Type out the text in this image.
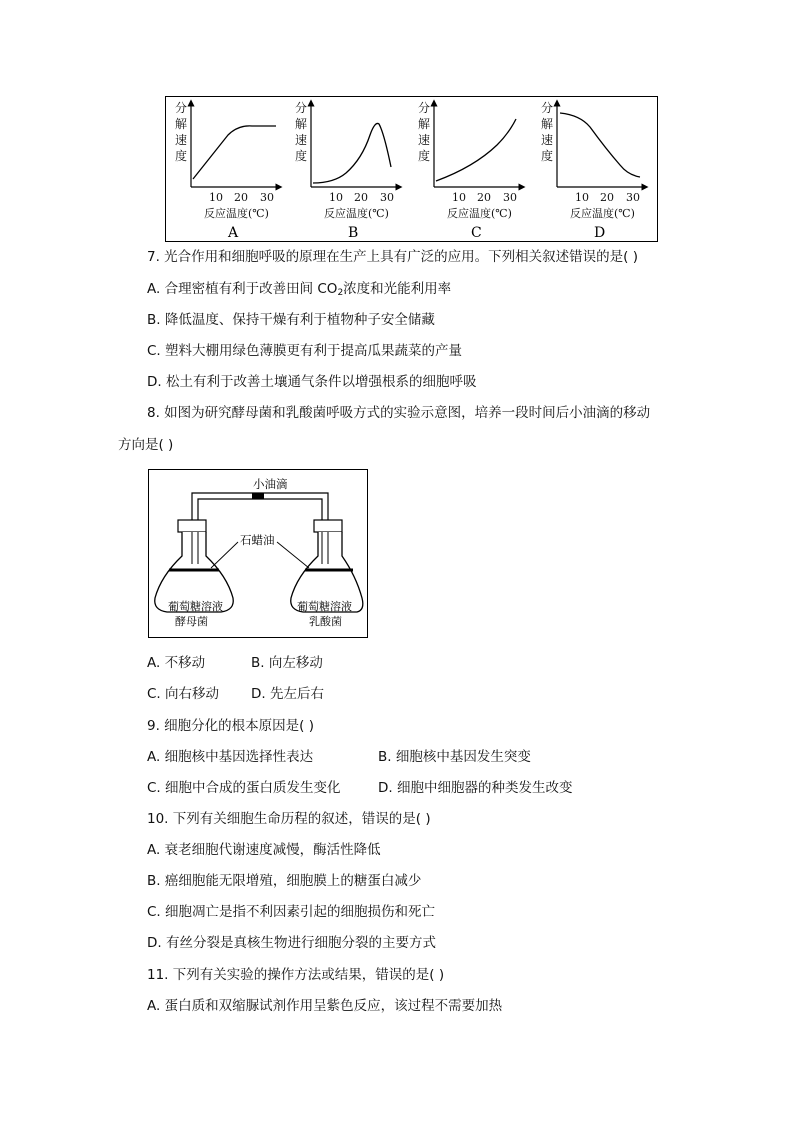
分
解
速
度
10 20 30
反应温度(℃)
A
分
解
速
度
10 20 30
反应温度(℃)
B
分
解
速
度
10 20 30
反应温度(℃)
C
分
解
速
度
10 20 30
反应温度(℃)
D
7. 光合作用和细胞呼吸的原理在生产上具有广泛的应用。下列相关叙述错误的是( )
A. 合理密植有利于改善田间 $CO_2$浓度和光能利用率
B. 降低温度、保持干燥有利于植物种子安全储藏
C. 塑料大棚用绿色薄膜更有利于提高瓜果蔬菜的产量
D. 松土有利于改善土壤通气条件以增强根系的细胞呼吸
8. 如图为研究酵母菌和乳酸菌呼吸方式的实验示意图，培养一段时间后小油滴的移动
方向是( )
小油滴
葡萄糖溶液
酵母菌
葡萄糖溶液
乳酸菌
石蜡油
A. 不移动	B. 向左移动
C. 向右移动 D. 先左后右
9. 细胞分化的根本原因是( )
A. 细胞核中基因选择性表达	B. 细胞核中基因发生突变
C. 细胞中合成的蛋白质发生变化	D. 细胞中细胞器的种类发生改变
10. 下列有关细胞生命历程的叙述，错误的是( )
A. 衰老细胞代谢速度减慢，酶活性降低
B. 癌细胞能无限增殖，细胞膜上的糖蛋白减少
C. 细胞凋亡是指不利因素引起的细胞损伤和死亡
D. 有丝分裂是真核生物进行细胞分裂的主要方式
11. 下列有关实验的操作方法或结果，错误的是( )
A. 蛋白质和双缩脲试剂作用呈紫色反应，该过程不需要加热
